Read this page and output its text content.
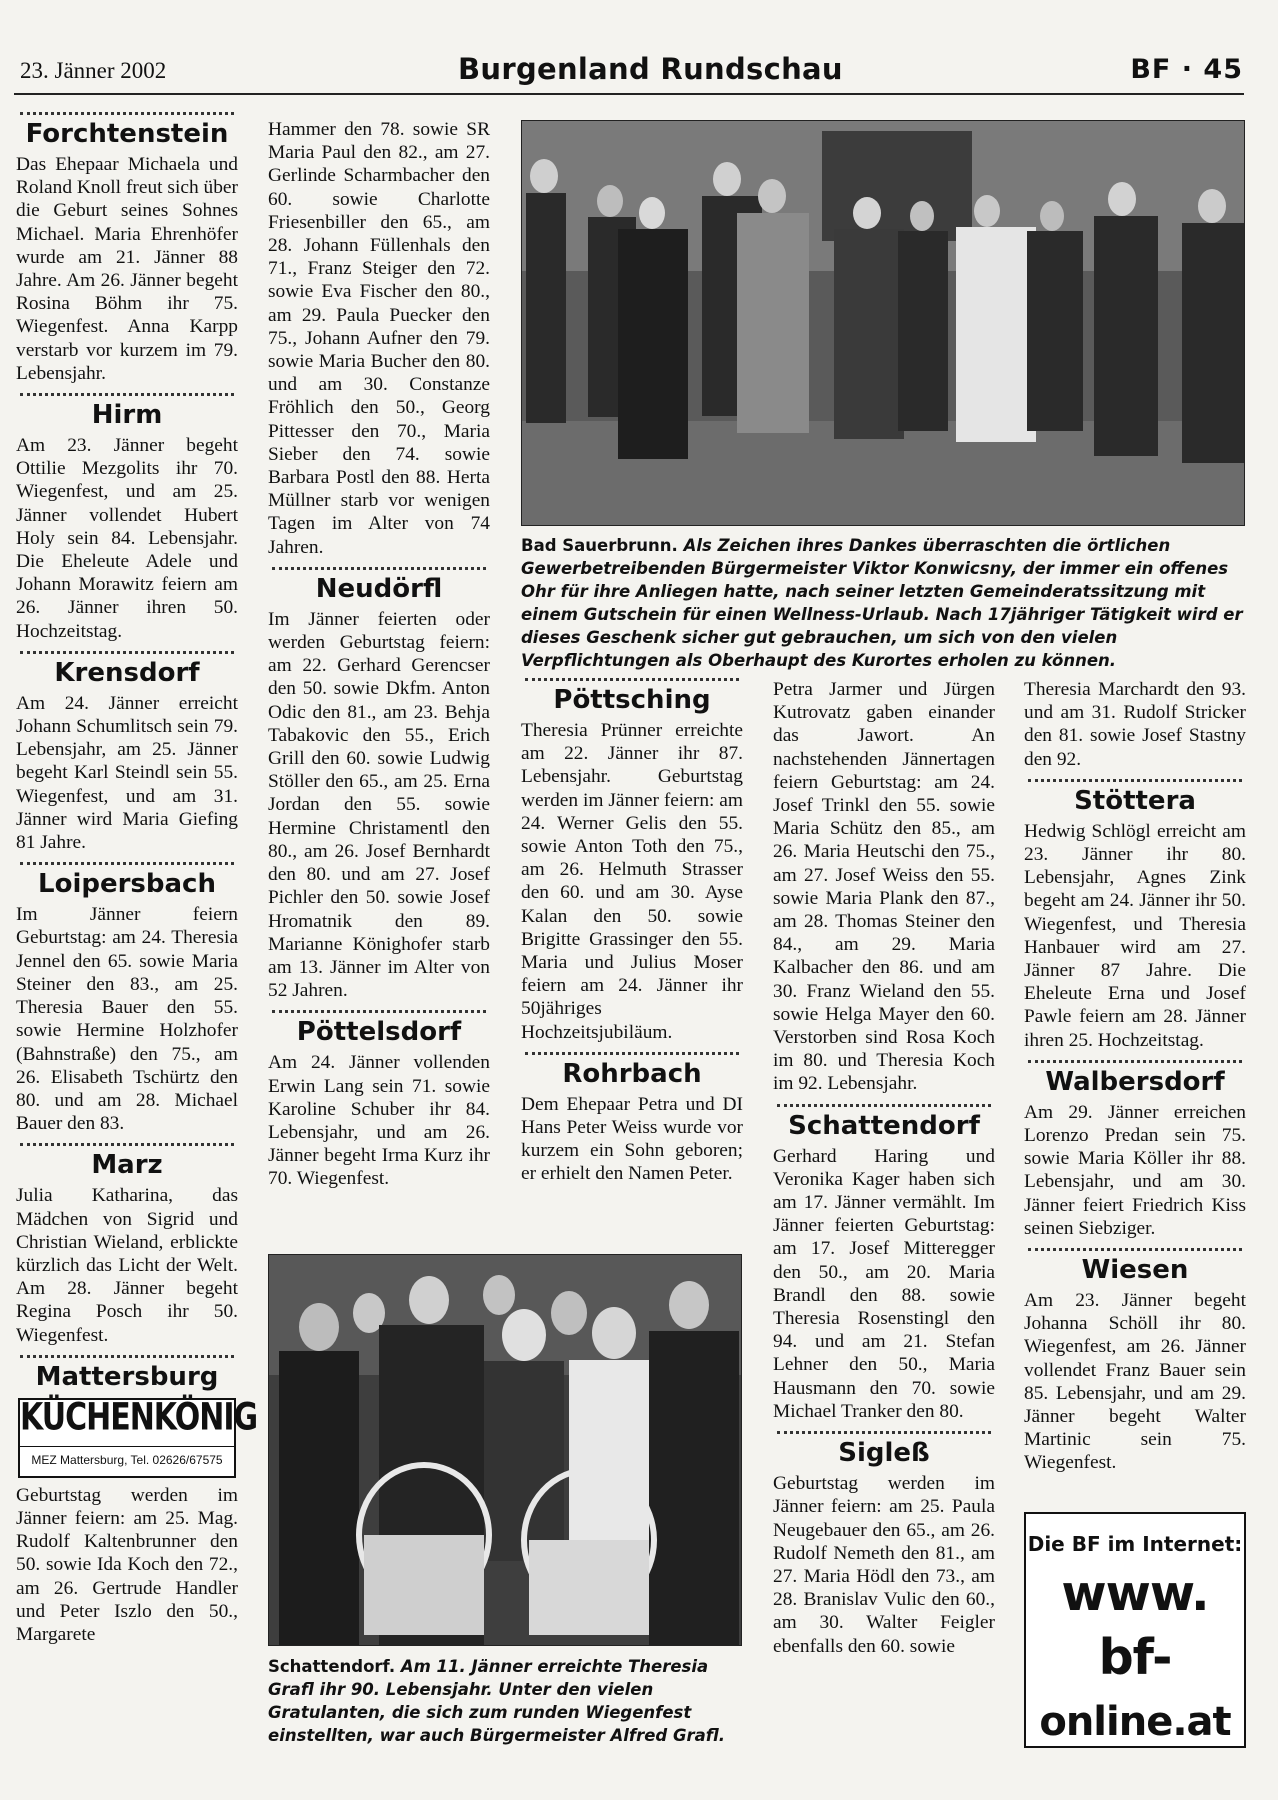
23. Jänner 2002	Burgenland Rundschau	BF · 45
Forchtenstein

Das Ehepaar Michaela und Roland Knoll freut sich über die Geburt seines Sohnes Michael. Maria Ehrenhöfer wurde am 21. Jänner 88 Jahre. Am 26. Jänner begeht Rosina Böhm ihr 75. Wiegenfest. Anna Karpp verstarb vor kurzem im 79. Lebensjahr.

Hirm

Am 23. Jänner begeht Ottilie Mezgolits ihr 70. Wiegenfest, und am 25. Jänner vollendet Hubert Holy sein 84. Lebensjahr. Die Eheleute Adele und Johann Morawitz feiern am 26. Jänner ihren 50. Hochzeitstag.

Krensdorf

Am 24. Jänner erreicht Johann Schumlitsch sein 79. Lebensjahr, am 25. Jänner begeht Karl Steindl sein 55. Wiegenfest, und am 31. Jänner wird Maria Giefing 81 Jahre.

Loipersbach

Im Jänner feiern Geburtstag: am 24. Theresia Jennel den 65. sowie Maria Steiner den 83., am 25. Theresia Bauer den 55. sowie Hermine Holzhofer (Bahnstraße) den 75., am 26. Elisabeth Tschürtz den 80. und am 28. Michael Bauer den 83.

Marz

Julia Katharina, das Mädchen von Sigrid und Christian Wieland, erblickte kürzlich das Licht der Welt. Am 28. Jänner begeht Regina Posch ihr 50. Wiegenfest.

Mattersburg
KÜCHENKÖNIG
MEZ Mattersburg, Tel. 02626/67575

Geburtstag werden im Jänner feiern: am 25. Mag. Rudolf Kaltenbrunner den 50. sowie Ida Koch den 72., am 26. Gertrude Handler und Peter Iszlo den 50., Margarete

Hammer den 78. sowie SR Maria Paul den 82., am 27. Gerlinde Scharmbacher den 60. sowie Charlotte Friesenbiller den 65., am 28. Johann Füllenhals den 71., Franz Steiger den 72. sowie Eva Fischer den 80., am 29. Paula Puecker den 75., Johann Aufner den 79. sowie Maria Bucher den 80. und am 30. Constanze Fröhlich den 50., Georg Pittesser den 70., Maria Sieber den 74. sowie Barbara Postl den 88. Herta Müllner starb vor wenigen Tagen im Alter von 74 Jahren.

Neudörfl

Im Jänner feierten oder werden Geburtstag feiern: am 22. Gerhard Gerencser den 50. sowie Dkfm. Anton Odic den 81., am 23. Behja Tabakovic den 55., Erich Grill den 60. sowie Ludwig Stöller den 65., am 25. Erna Jordan den 55. sowie Hermine Christamentl den 80., am 26. Josef Bernhardt den 80. und am 27. Josef Pichler den 50. sowie Josef Hromatnik den 89. Marianne Könighofer starb am 13. Jänner im Alter von 52 Jahren.

Pöttelsdorf

Am 24. Jänner vollenden Erwin Lang sein 71. sowie Karoline Schuber ihr 84. Lebensjahr, und am 26. Jänner begeht Irma Kurz ihr 70. Wiegenfest.

Bad Sauerbrunn. Als Zeichen ihres Dankes überraschten die örtlichen Gewerbetreibenden Bürgermeister Viktor Konwicsny, der immer ein offenes Ohr für ihre Anliegen hatte, nach seiner letzten Gemeinderatssitzung mit einem Gutschein für einen Wellness-Urlaub. Nach 17jähriger Tätigkeit wird er dieses Geschenk sicher gut gebrauchen, um sich von den vielen Verpflichtungen als Oberhaupt des Kurortes erholen zu können.
Pöttsching

Theresia Prünner erreichte am 22. Jänner ihr 87. Lebensjahr. Geburtstag werden im Jänner feiern: am 24. Werner Gelis den 55. sowie Anton Toth den 75., am 26. Helmuth Strasser den 60. und am 30. Ayse Kalan den 50. sowie Brigitte Grassinger den 55. Maria und Julius Moser feiern am 24. Jänner ihr 50jähriges Hochzeitsjubiläum.

Rohrbach

Dem Ehepaar Petra und DI Hans Peter Weiss wurde vor kurzem ein Sohn geboren; er erhielt den Namen Peter.

Petra Jarmer und Jürgen Kutrovatz gaben einander das Jawort. An nachstehenden Jännertagen feiern Geburtstag: am 24. Josef Trinkl den 55. sowie Maria Schütz den 85., am 26. Maria Heutschi den 75., am 27. Josef Weiss den 55. sowie Maria Plank den 87., am 28. Thomas Steiner den 84., am 29. Maria Kalbacher den 86. und am 30. Franz Wieland den 55. sowie Helga Mayer den 60. Verstorben sind Rosa Koch im 80. und Theresia Koch im 92. Lebensjahr.

Schattendorf

Gerhard Haring und Veronika Kager haben sich am 17. Jänner vermählt. Im Jänner feierten Geburtstag: am 17. Josef Mitteregger den 50., am 20. Maria Brandl den 88. sowie Theresia Rosenstingl den 94. und am 21. Stefan Lehner den 50., Maria Hausmann den 70. sowie Michael Tranker den 80.

Sigleß

Geburtstag werden im Jänner feiern: am 25. Paula Neugebauer den 65., am 26. Rudolf Nemeth den 81., am 27. Maria Hödl den 73., am 28. Branislav Vulic den 60., am 30. Walter Feigler ebenfalls den 60. sowie

Theresia Marchardt den 93. und am 31. Rudolf Stricker den 81. sowie Josef Stastny den 92.

Stöttera

Hedwig Schlögl erreicht am 23. Jänner ihr 80. Lebensjahr, Agnes Zink begeht am 24. Jänner ihr 50. Wiegenfest, und Theresia Hanbauer wird am 27. Jänner 87 Jahre. Die Eheleute Erna und Josef Pawle feiern am 28. Jänner ihren 25. Hochzeitstag.

Walbersdorf

Am 29. Jänner erreichen Lorenzo Predan sein 75. sowie Maria Köller ihr 88. Lebensjahr, und am 30. Jänner feiert Friedrich Kiss seinen Siebziger.

Wiesen

Am 23. Jänner begeht Johanna Schöll ihr 80. Wiegenfest, am 26. Jänner vollendet Franz Bauer sein 85. Lebensjahr, und am 29. Jänner begeht Walter Martinic sein 75. Wiegenfest.

Die BF im Internet:
www.
bf-
online.at
Schattendorf. Am 11. Jänner erreichte Theresia Grafl ihr 90. Lebensjahr. Unter den vielen Gratulanten, die sich zum runden Wiegenfest einstellten, war auch Bürgermeister Alfred Grafl.
